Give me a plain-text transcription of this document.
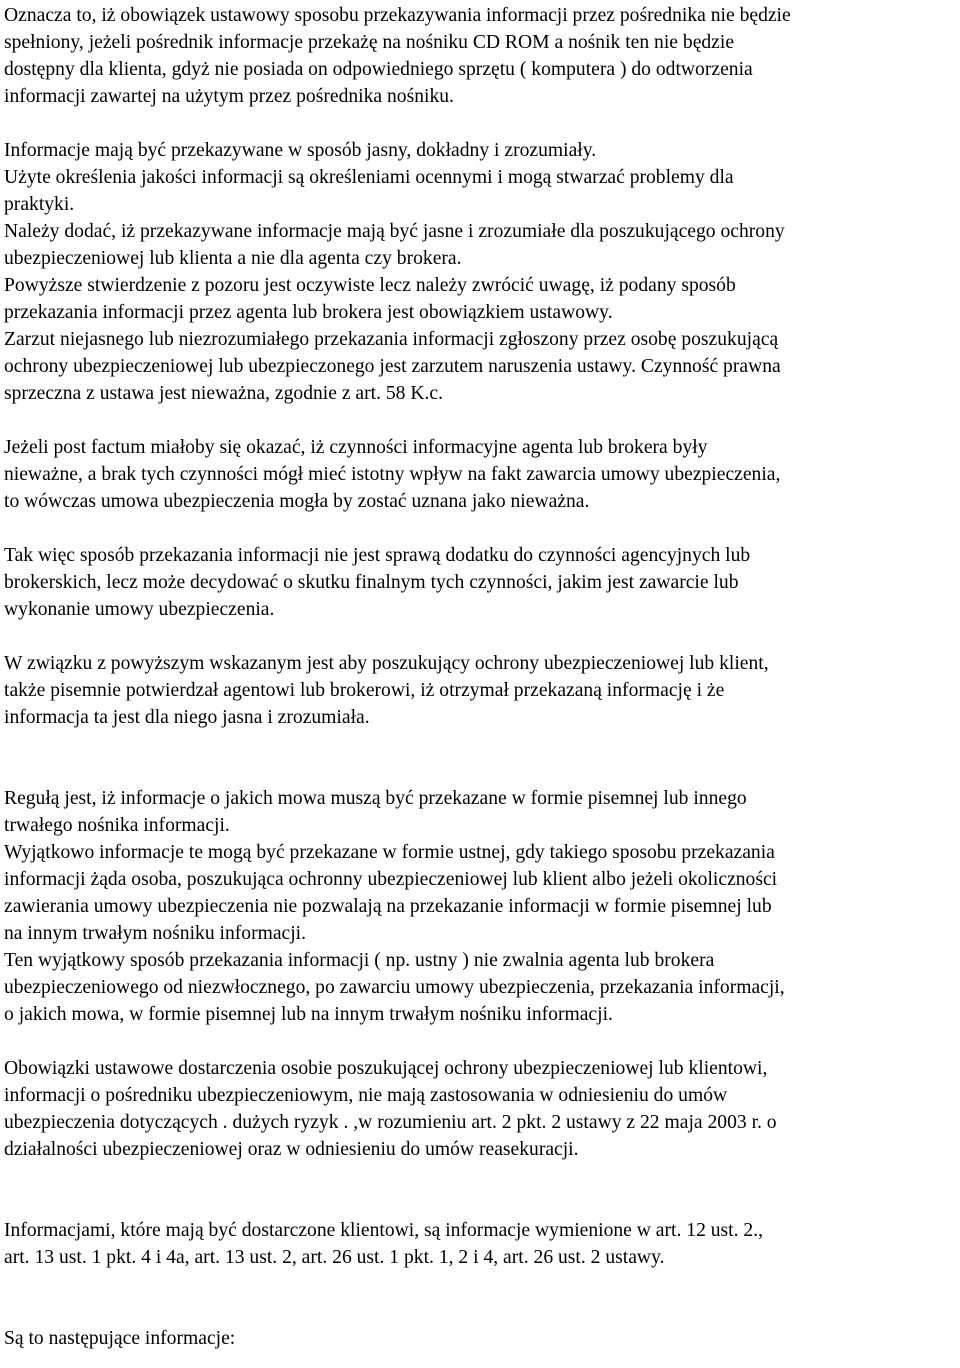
Oznacza to, iż obowiązek ustawowy sposobu przekazywania informacji przez pośrednika nie będzie
spełniony, jeżeli pośrednik informacje przekażę na nośniku CD ROM a nośnik ten nie będzie
dostępny dla klienta, gdyż nie posiada on odpowiedniego sprzętu ( komputera ) do odtworzenia
informacji zawartej na użytym przez pośrednika nośniku.

Informacje mają być przekazywane w sposób jasny, dokładny i zrozumiały.

Użyte określenia jakości informacji są określeniami ocennymi i mogą stwarzać problemy dla
praktyki.

Należy dodać, iż przekazywane informacje mają być jasne i zrozumiałe dla poszukującego ochrony
ubezpieczeniowej lub klienta a nie dla agenta czy brokera.

Powyższe stwierdzenie z pozoru jest oczywiste lecz należy zwrócić uwagę, iż podany sposób
przekazania informacji przez agenta lub brokera jest obowiązkiem ustawowy.

Zarzut niejasnego lub niezrozumiałego przekazania informacji zgłoszony przez osobę poszukującą
ochrony ubezpieczeniowej lub ubezpieczonego jest zarzutem naruszenia ustawy. Czynność prawna
sprzeczna z ustawa jest nieważna, zgodnie z art. 58 K.c.

Jeżeli post factum miałoby się okazać, iż czynności informacyjne agenta lub brokera były
nieważne, a brak tych czynności mógł mieć istotny wpływ na fakt zawarcia umowy ubezpieczenia,
to wówczas umowa ubezpieczenia mogła by zostać uznana jako nieważna.

Tak więc sposób przekazania informacji nie jest sprawą dodatku do czynności agencyjnych lub
brokerskich, lecz może decydować o skutku finalnym tych czynności, jakim jest zawarcie lub
wykonanie umowy ubezpieczenia.

W związku z powyższym wskazanym jest aby poszukujący ochrony ubezpieczeniowej lub klient,
także pisemnie potwierdzał agentowi lub brokerowi, iż otrzymał przekazaną informację i że
informacja ta jest dla niego jasna i zrozumiała.

Regułą jest, iż informacje o jakich mowa muszą być przekazane w formie pisemnej lub innego
trwałego nośnika informacji.

Wyjątkowo informacje te mogą być przekazane w formie ustnej, gdy takiego sposobu przekazania
informacji żąda osoba, poszukująca ochronny ubezpieczeniowej lub klient albo jeżeli okoliczności
zawierania umowy ubezpieczenia nie pozwalają na przekazanie informacji w formie pisemnej lub
na innym trwałym nośniku informacji.

Ten wyjątkowy sposób przekazania informacji ( np. ustny ) nie zwalnia agenta lub brokera
ubezpieczeniowego od niezwłocznego, po zawarciu umowy ubezpieczenia, przekazania informacji,
o jakich mowa, w formie pisemnej lub na innym trwałym nośniku informacji.

Obowiązki ustawowe dostarczenia osobie poszukującej ochrony ubezpieczeniowej lub klientowi,
informacji o pośredniku ubezpieczeniowym, nie mają zastosowania w odniesieniu do umów
ubezpieczenia dotyczących . dużych ryzyk . ,w rozumieniu art. 2 pkt. 2 ustawy z 22 maja 2003 r. o
działalności ubezpieczeniowej oraz w odniesieniu do umów reasekuracji.

Informacjami, które mają być dostarczone klientowi, są informacje wymienione w art. 12 ust. 2.,
art. 13 ust. 1 pkt. 4 i 4a, art. 13 ust. 2, art. 26 ust. 1 pkt. 1, 2 i 4, art. 26 ust. 2 ustawy.

Są to następujące informacje:
